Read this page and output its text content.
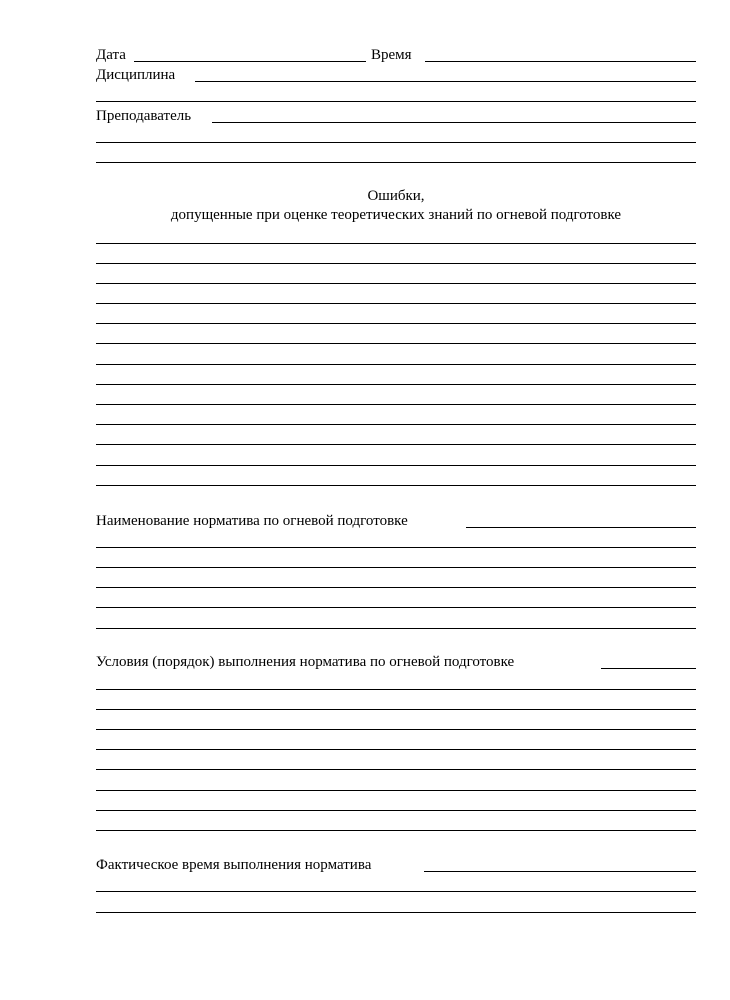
Дата	Время
Дисциплина
Преподаватель
Ошибки,
допущенные при оценке теоретических знаний по огневой подготовке
Наименование норматива по огневой подготовке
Условия (порядок) выполнения норматива по огневой подготовке
Фактическое время выполнения норматива
